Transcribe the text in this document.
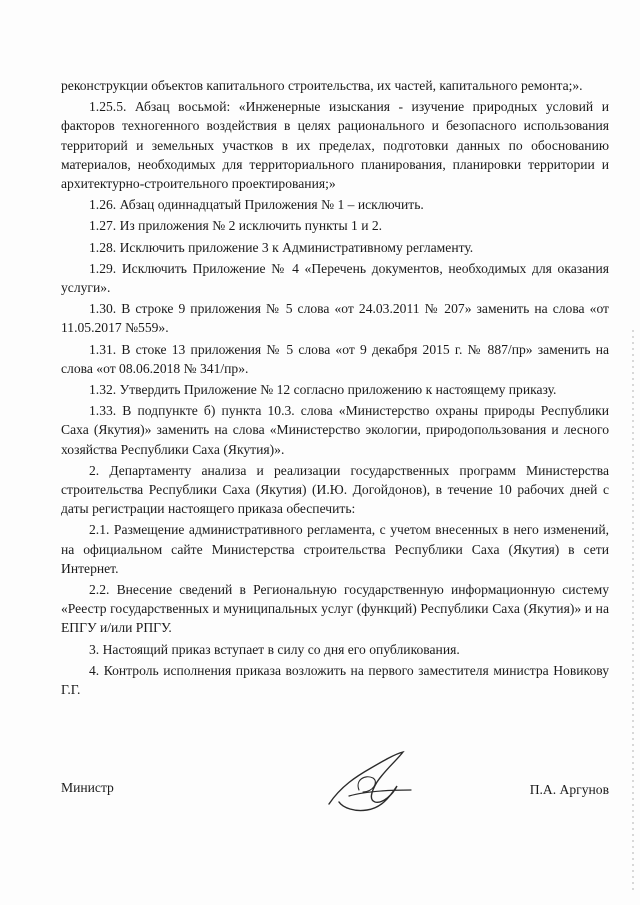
реконструкции объектов капитального строительства, их частей, капитального ремонта;».

1.25.5. Абзац восьмой: «Инженерные изыскания - изучение природных условий и факторов техногенного воздействия в целях рационального и безопасного использования территорий и земельных участков в их пределах, подготовки данных по обоснованию материалов, необходимых для территориального планирования, планировки территории и архитектурно-строительного проектирования;»

1.26. Абзац одиннадцатый Приложения № 1 – исключить.

1.27. Из приложения № 2 исключить пункты 1 и 2.

1.28. Исключить приложение 3 к Административному регламенту.

1.29. Исключить Приложение № 4 «Перечень документов, необходимых для оказания услуги».

1.30. В строке 9 приложения № 5 слова «от 24.03.2011 № 207» заменить на слова «от 11.05.2017 №559».

1.31. В стоке 13 приложения № 5 слова «от 9 декабря 2015 г. № 887/пр» заменить на слова «от 08.06.2018 № 341/пр».

1.32. Утвердить Приложение № 12 согласно приложению к настоящему приказу.

1.33. В подпункте б) пункта 10.3. слова «Министерство охраны природы Республики Саха (Якутия)» заменить на слова «Министерство экологии, природопользования и лесного хозяйства Республики Саха (Якутия)».

2. Департаменту анализа и реализации государственных программ Министерства строительства Республики Саха (Якутия) (И.Ю. Догойдонов), в течение 10 рабочих дней с даты регистрации настоящего приказа обеспечить:

2.1. Размещение административного регламента, с учетом внесенных в него изменений, на официальном сайте Министерства строительства Республики Саха (Якутия) в сети Интернет.

2.2. Внесение сведений в Региональную государственную информационную систему «Реестр государственных и муниципальных услуг (функций) Республики Саха (Якутия)» и на ЕПГУ и/или РПГУ.

3. Настоящий приказ вступает в силу со дня его опубликования.

4. Контроль исполнения приказа возложить на первого заместителя министра Новикову Г.Г.

Министр	П.А. Аргунов
